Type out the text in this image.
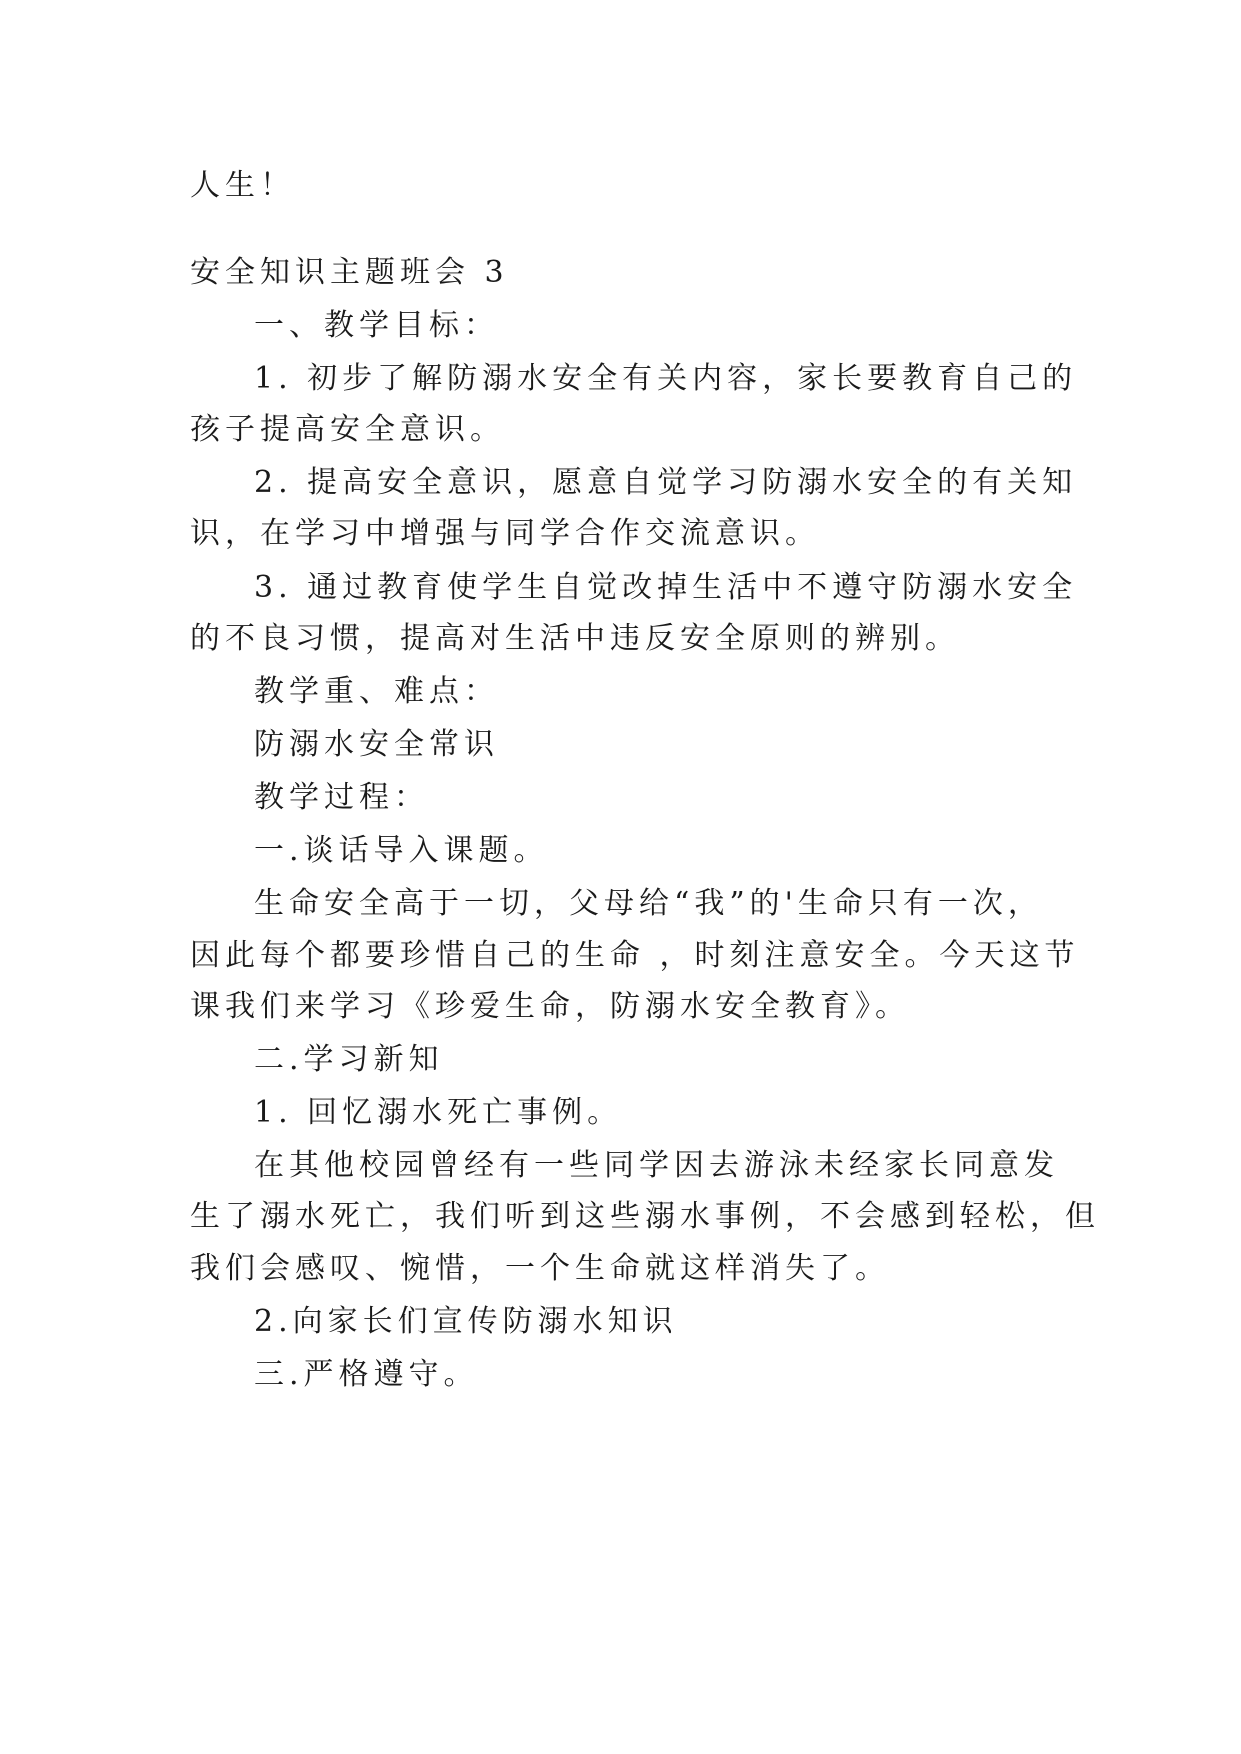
人生！
安全知识主题班会 3
一、教学目标：
1. 初步了解防溺水安全有关内容，家长要教育自己的
孩子提高安全意识。
2. 提高安全意识，愿意自觉学习防溺水安全的有关知
识，在学习中增强与同学合作交流意识。
3. 通过教育使学生自觉改掉生活中不遵守防溺水安全
的不良习惯，提高对生活中违反安全原则的辨别。
教学重、难点：
防溺水安全常识
教学过程：
一.谈话导入课题。
生命安全高于一切，父母给“我”的'生命只有一次，
因此每个都要珍惜自己的生命 ，时刻注意安全。今天这节
课我们来学习《珍爱生命，防溺水安全教育》。
二.学习新知
1. 回忆溺水死亡事例。
在其他校园曾经有一些同学因去游泳未经家长同意发
生了溺水死亡，我们听到这些溺水事例，不会感到轻松，但
我们会感叹、惋惜，一个生命就这样消失了。
2.向家长们宣传防溺水知识
三.严格遵守。
